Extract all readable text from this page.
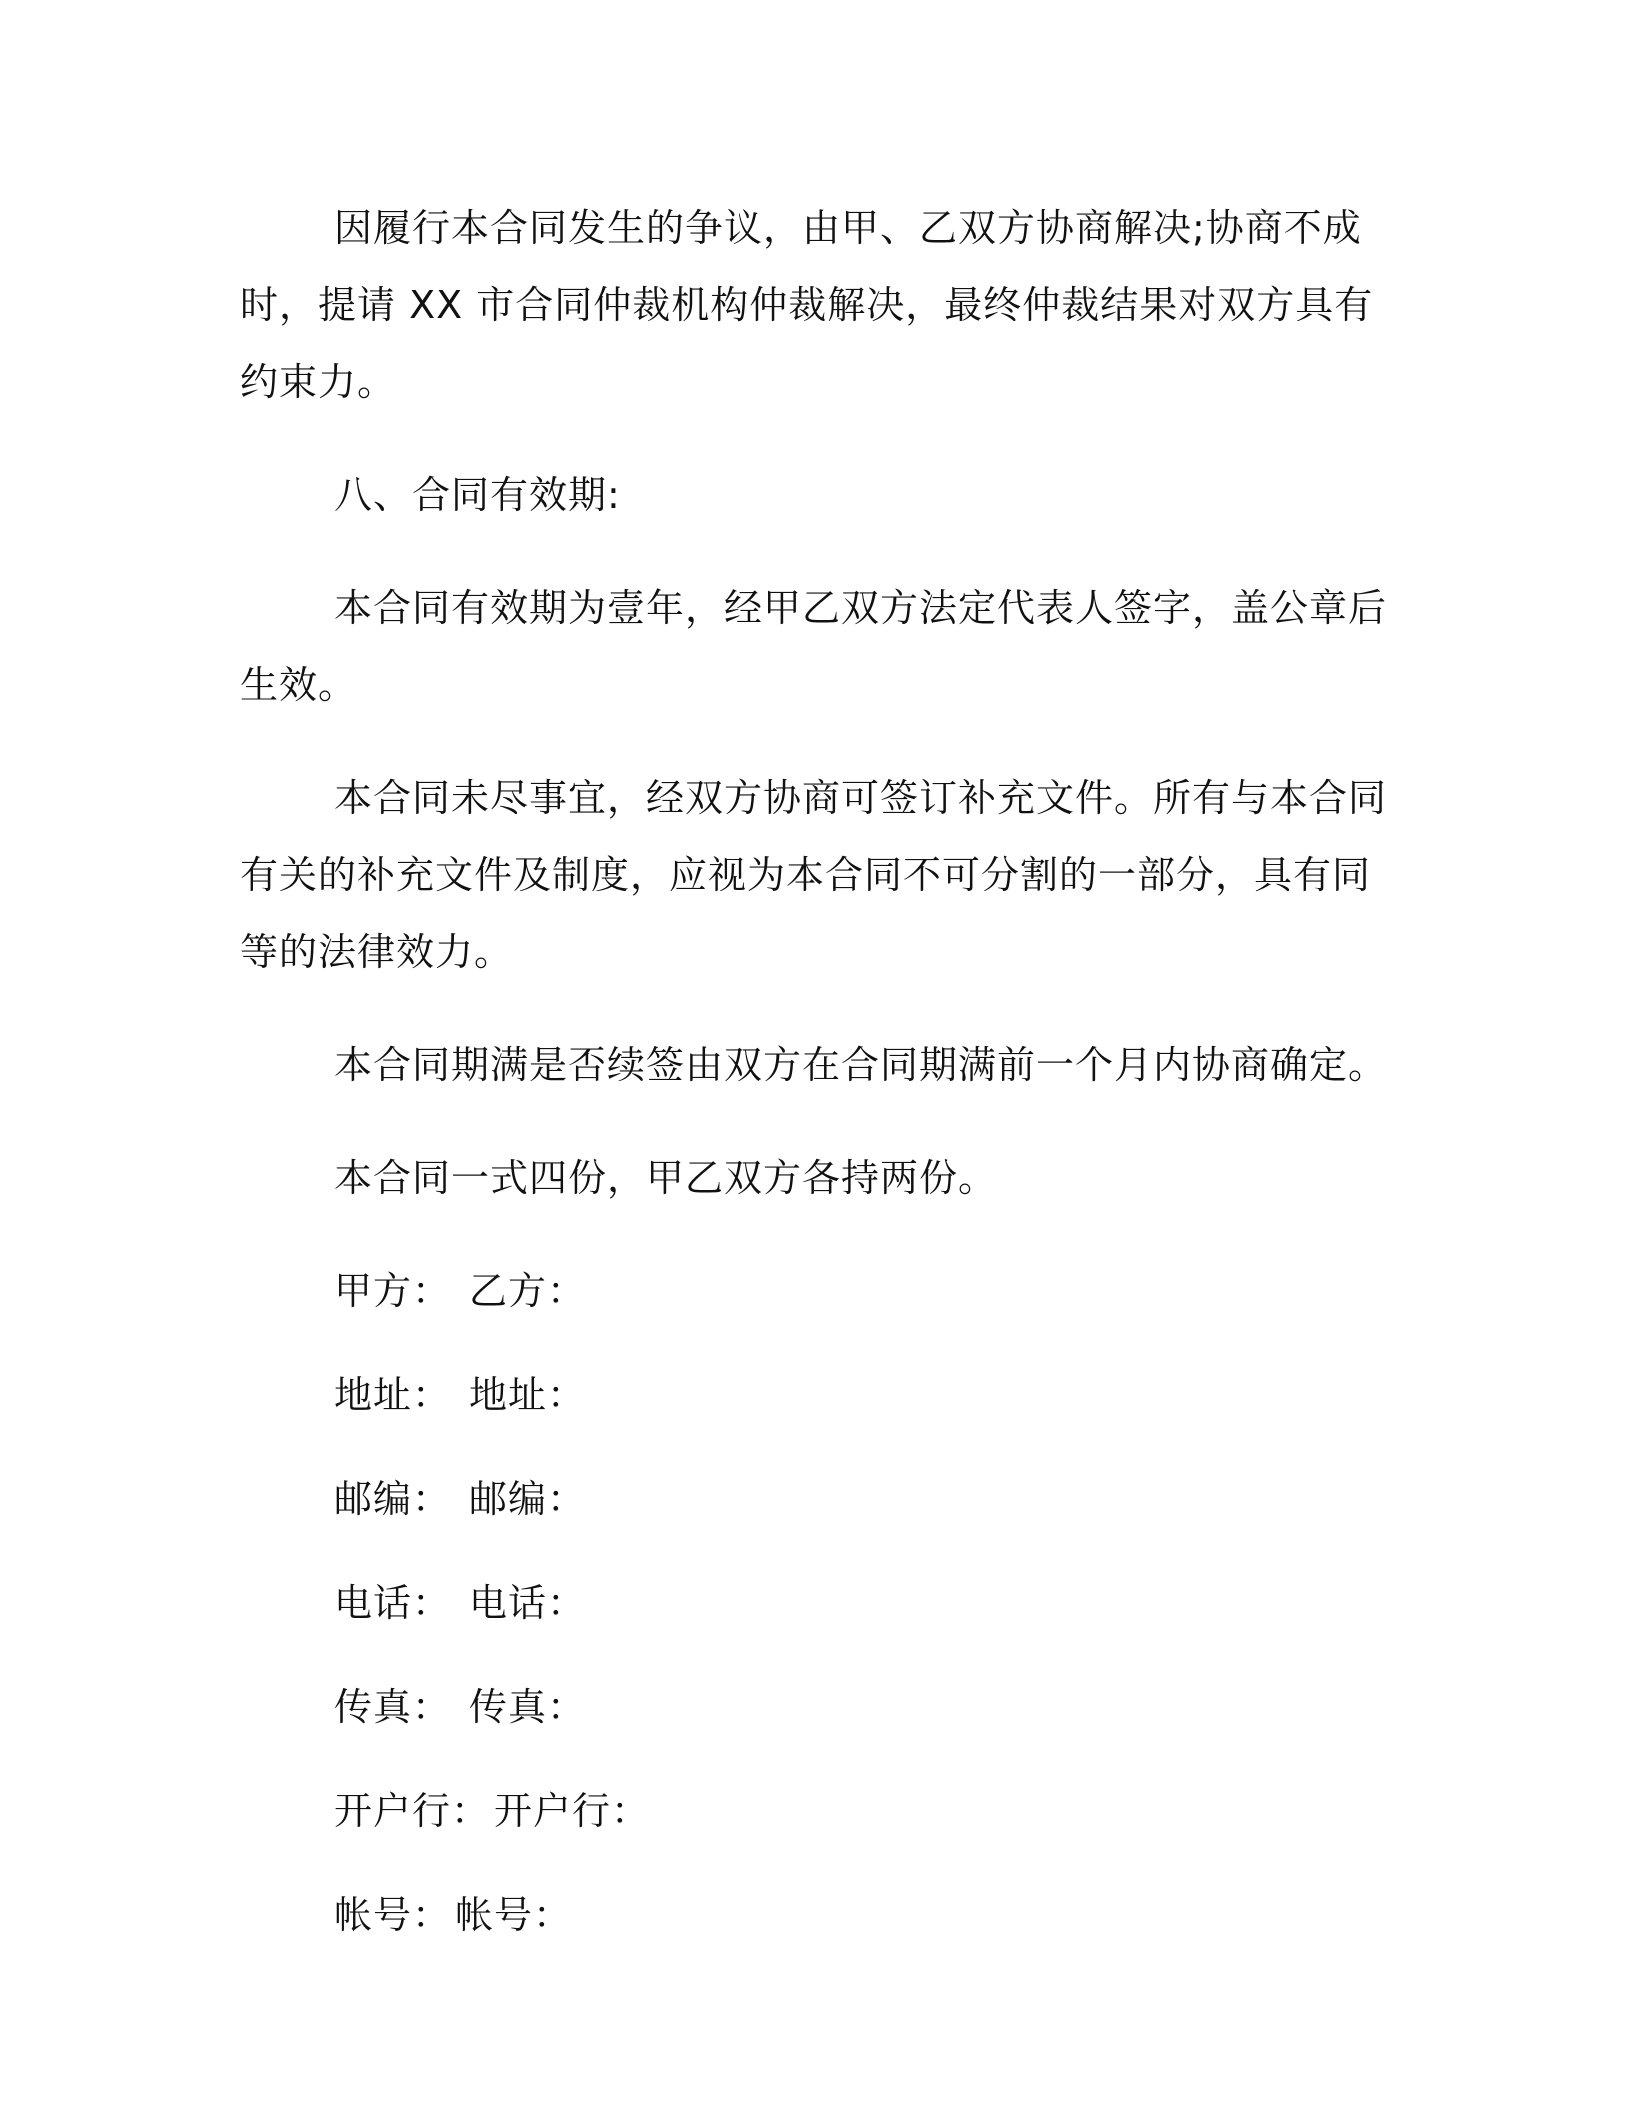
因履行本合同发生的争议，由甲、乙双方协商解决;协商不成时，提请 XX 市合同仲裁机构仲裁解决，最终仲裁结果对双方具有约束力。

八、合同有效期:

本合同有效期为壹年，经甲乙双方法定代表人签字，盖公章后生效。

本合同未尽事宜，经双方协商可签订补充文件。所有与本合同有关的补充文件及制度，应视为本合同不可分割的一部分，具有同等的法律效力。

本合同期满是否续签由双方在合同期满前一个月内协商确定。

本合同一式四份，甲乙双方各持两份。

甲方： 乙方：
地址： 地址：
邮编： 邮编：
电话： 电话：
传真： 传真：
开户行： 开户行：
帐号： 帐号：
